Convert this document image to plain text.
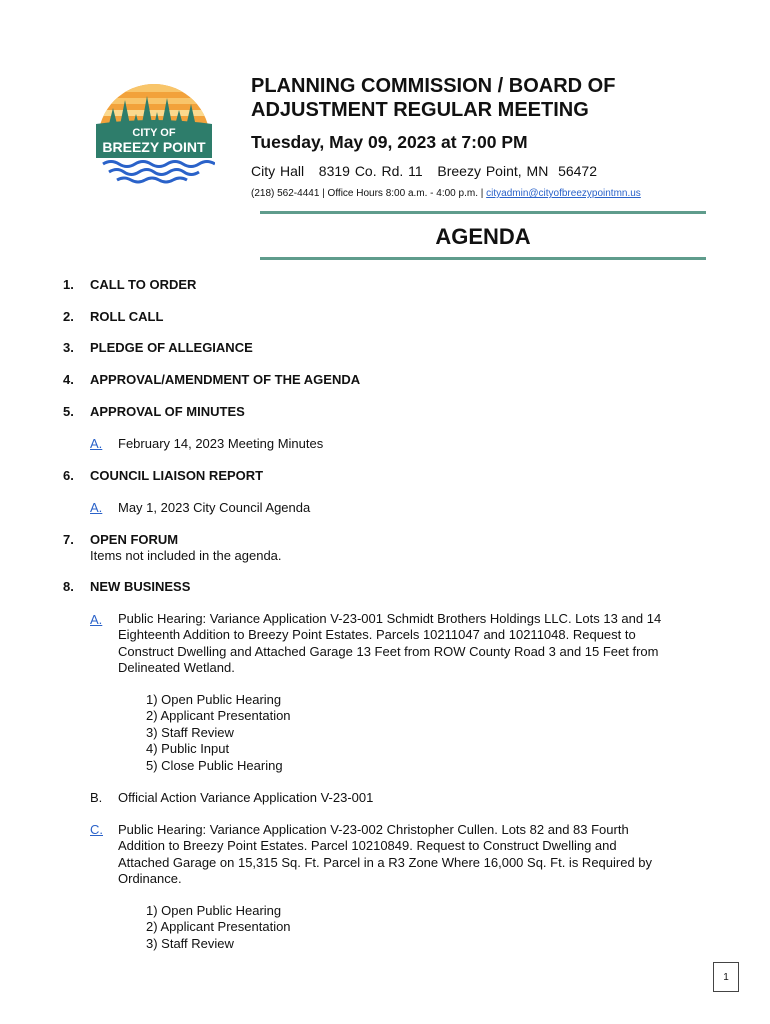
CITY OF
BREEZY POINT
PLANNING COMMISSION / BOARD OF
ADJUSTMENT REGULAR MEETING
Tuesday, May 09, 2023 at 7:00 PM
City Hall   8319 Co. Rd. 11   Breezy Point, MN  56472
(218) 562-4441 | Office Hours 8:00 a.m. - 4:00 p.m. | cityadmin@cityofbreezypointmn.us
AGENDA
1. CALL TO ORDER
2. ROLL CALL
3. PLEDGE OF ALLEGIANCE
4. APPROVAL/AMENDMENT OF THE AGENDA
5. APPROVAL OF MINUTES
A. February 14, 2023 Meeting Minutes
6. COUNCIL LIAISON REPORT
A. May 1, 2023 City Council Agenda
7. OPEN FORUM
Items not included in the agenda.
8. NEW BUSINESS
A. Public Hearing: Variance Application V-23-001 Schmidt Brothers Holdings LLC. Lots 13 and 14
Eighteenth Addition to Breezy Point Estates. Parcels 10211047 and 10211048. Request to
Construct Dwelling and Attached Garage 13 Feet from ROW County Road 3 and 15 Feet from
Delineated Wetland.
1) Open Public Hearing
2) Applicant Presentation
3) Staff Review
4) Public Input
5) Close Public Hearing
B. Official Action Variance Application V-23-001
C. Public Hearing: Variance Application V-23-002 Christopher Cullen. Lots 82 and 83 Fourth
Addition to Breezy Point Estates. Parcel 10210849. Request to Construct Dwelling and
Attached Garage on 15,315 Sq. Ft. Parcel in a R3 Zone Where 16,000 Sq. Ft. is Required by
Ordinance.
1) Open Public Hearing
2) Applicant Presentation
3) Staff Review
1
